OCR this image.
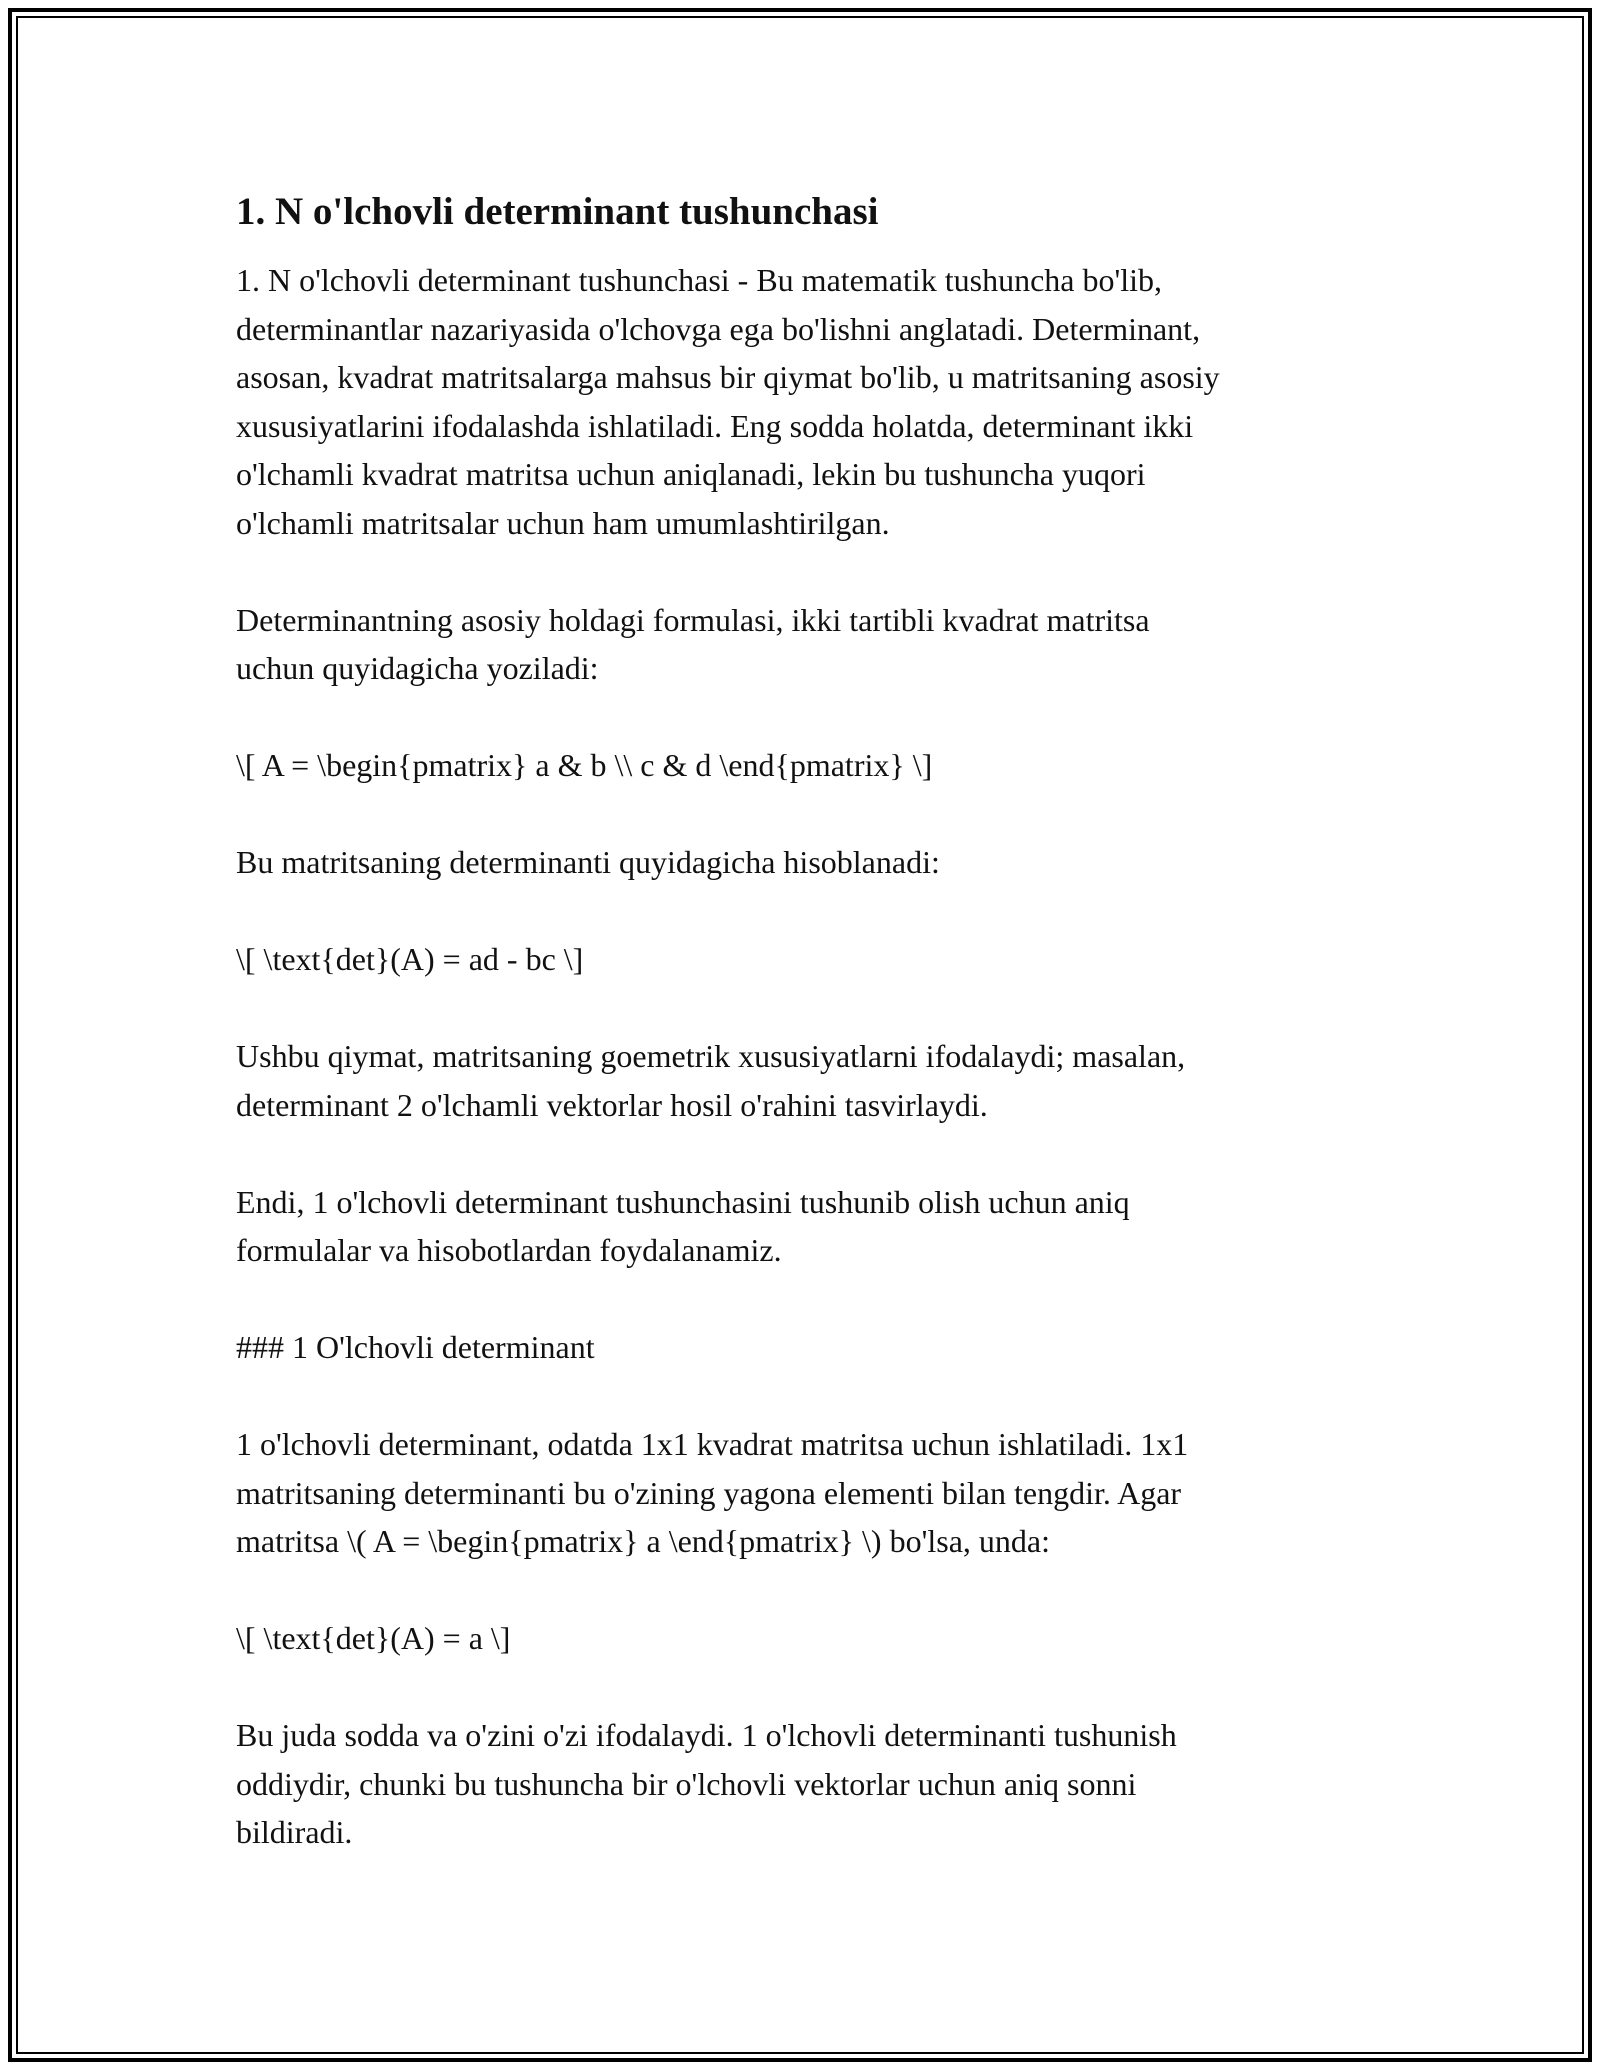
1. N o'lchovli determinant tushunchasi

1. N o'lchovli determinant tushunchasi - Bu matematik tushuncha bo'lib,
determinantlar nazariyasida o'lchovga ega bo'lishni anglatadi. Determinant,
asosan, kvadrat matritsalarga mahsus bir qiymat bo'lib, u matritsaning asosiy
xususiyatlarini ifodalashda ishlatiladi. Eng sodda holatda, determinant ikki
o'lchamli kvadrat matritsa uchun aniqlanadi, lekin bu tushuncha yuqori
o'lchamli matritsalar uchun ham umumlashtirilgan.

Determinantning asosiy holdagi formulasi, ikki tartibli kvadrat matritsa
uchun quyidagicha yoziladi:

\[ A = \begin{pmatrix} a & b \\ c & d \end{pmatrix} \]

Bu matritsaning determinanti quyidagicha hisoblanadi:

\[ \text{det}(A) = ad - bc \]

Ushbu qiymat, matritsaning goemetrik xususiyatlarni ifodalaydi; masalan,
determinant 2 o'lchamli vektorlar hosil o'rahini tasvirlaydi.

Endi, 1 o'lchovli determinant tushunchasini tushunib olish uchun aniq
formulalar va hisobotlardan foydalanamiz.

### 1 O'lchovli determinant

1 o'lchovli determinant, odatda 1x1 kvadrat matritsa uchun ishlatiladi. 1x1
matritsaning determinanti bu o'zining yagona elementi bilan tengdir. Agar
matritsa \( A = \begin{pmatrix} a \end{pmatrix} \) bo'lsa, unda:

\[ \text{det}(A) = a \]

Bu juda sodda va o'zini o'zi ifodalaydi. 1 o'lchovli determinanti tushunish
oddiydir, chunki bu tushuncha bir o'lchovli vektorlar uchun aniq sonni
bildiradi.
